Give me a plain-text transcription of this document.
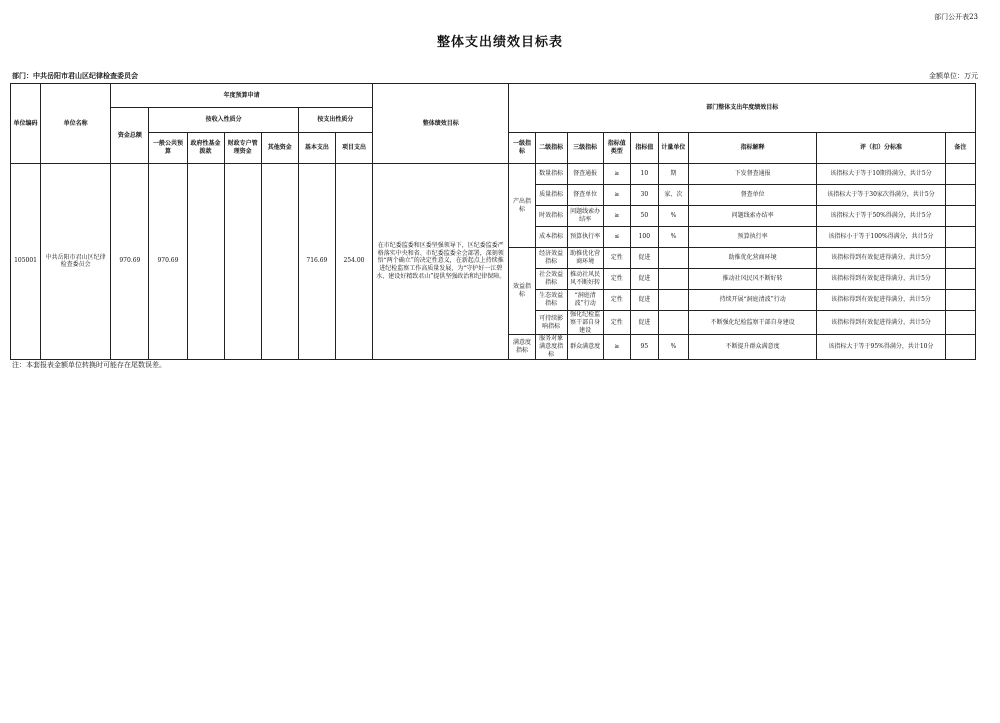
部门公开表23
整体支出绩效目标表
部门：中共岳阳市君山区纪律检查委员会	金额单位：万元
单位编码	单位名称	年度预算申请							整体绩效目标	部门整体支出年度绩效目标								
		资金总额	按收入性质分				按支出性质分											
			一般公共预算	政府性基金拨款	财政专户管理资金	其他资金	基本支出	项目支出		一级指标	二级指标	三级指标	指标值类型	指标值	计量单位	指标解释	评（扣）分标准	备注
105001	中共岳阳市君山区纪律检查委员会	970.69	970.69				716.69	254.00	在市纪委监委和区委坚强领导下，区纪委监委严格落实中央和省、市纪委监委全会部署，深刻领悟“两个确立”的决定性意义，在新起点上持续推进纪检监察工作高质量发展，为“守护好一江碧水、建设好精致君山”提供坚强政治和纪律保障。	产出指标	数量指标	督查通报	≥	10	期	下发督查通报	该指标大于等于10期得满分，共计5分	
											质量指标	督查单位	≥	30	家、次	督查单位	该指标大于等于30家次得满分，共计5分	
											时效指标	问题线索办结率	≥	50	%	问题线索办结率	该指标大于等于50%得满分，共计5分	
											成本指标	预算执行率	≤	100	%	预算执行率	该指标小于等于100%得满分，共计5分	
										效益指标	经济效益指标	助推优化营商环境	定性	促进		助推优化营商环境	该指标得到有效促进得满分，共计5分	
											社会效益指标	推动社风民风不断好转	定性	促进		推动社风民风不断好转	该指标得到有效促进得满分，共计5分	
											生态效益指标	“洞庭清波”行动	定性	促进		持续开展“洞庭清波”行动	该指标得到有效促进得满分，共计5分	
											可持续影响指标	强化纪检监察干部自身建设	定性	促进		不断强化纪检监察干部自身建设	该指标得到有效促进得满分，共计5分	
										满意度指标	服务对象满意度指标	群众满意度	≥	95	%	不断提升群众满意度	该指标大于等于95%得满分，共计10分	
注：本套报表金额单位转换时可能存在尾数误差。
